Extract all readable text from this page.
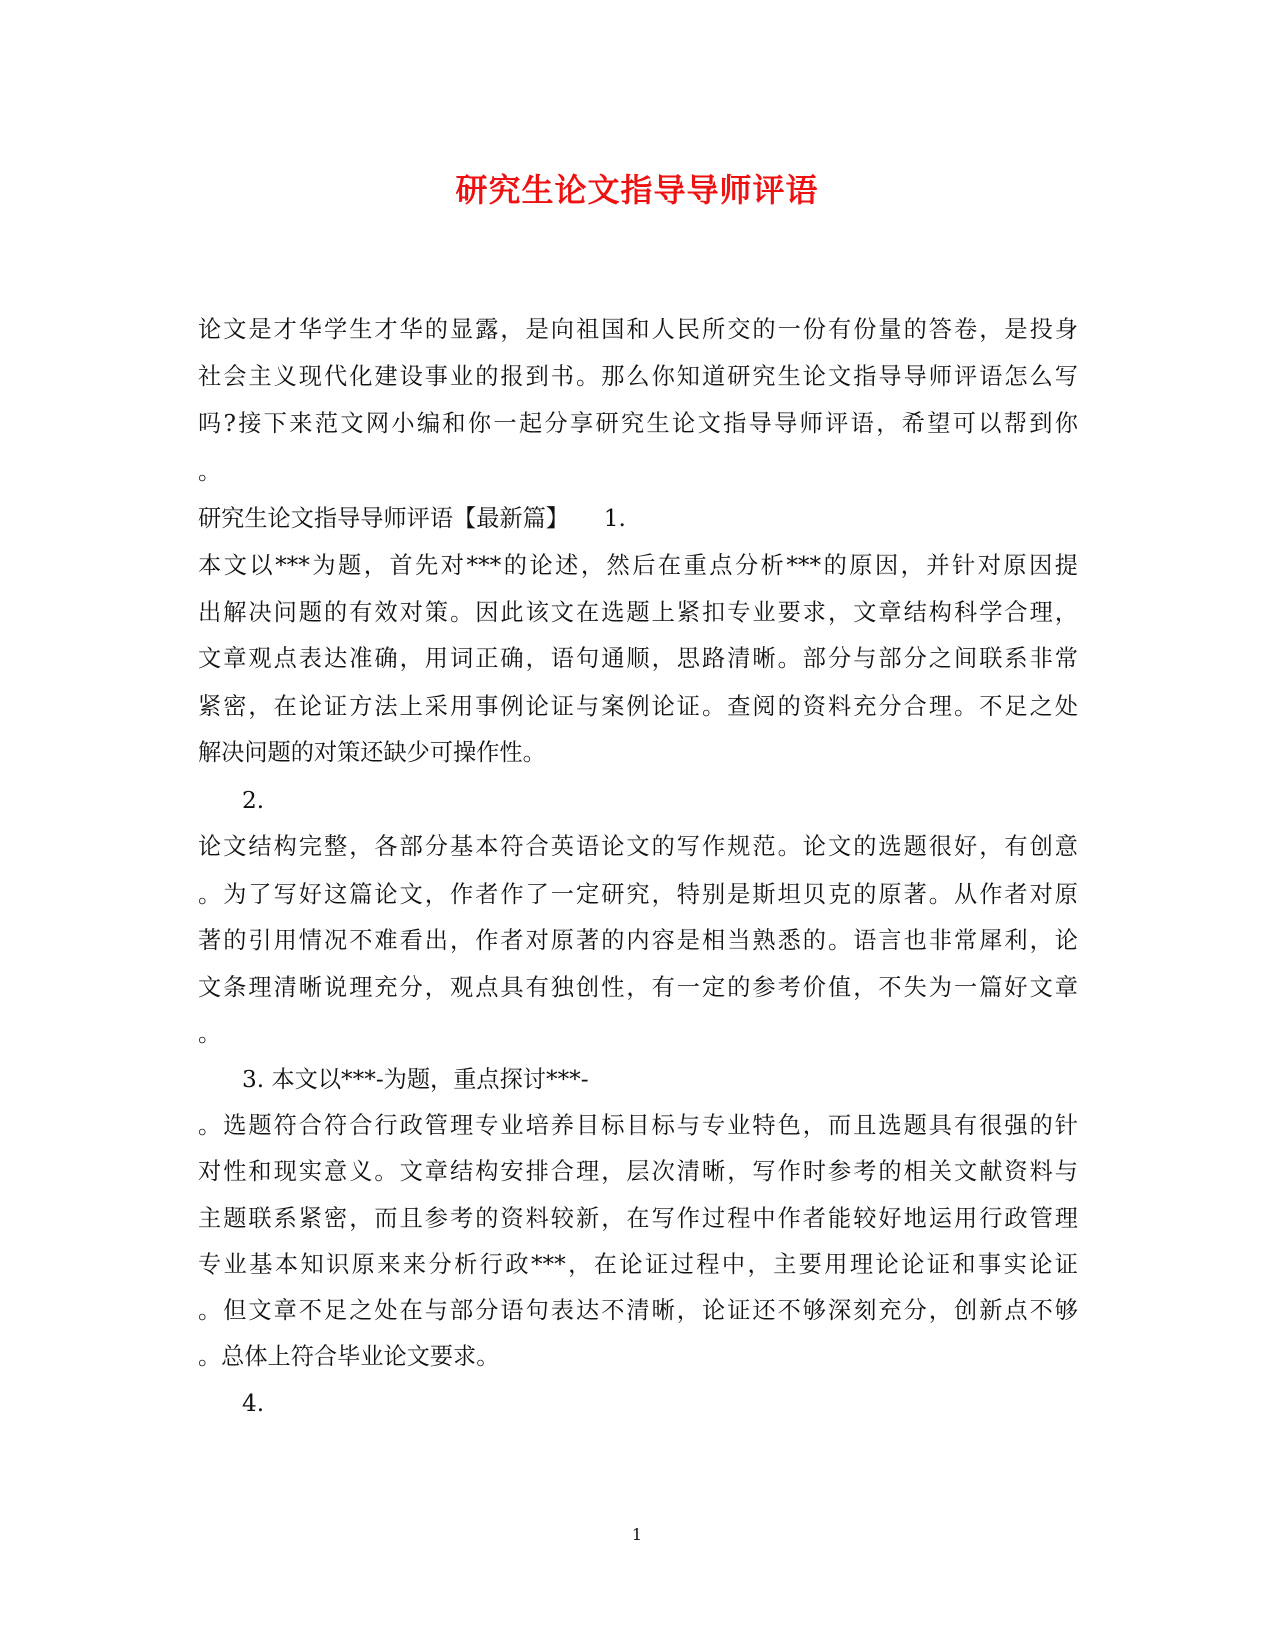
研究生论文指导导师评语
论文是才华学生才华的显露，是向祖国和人民所交的一份有份量的答卷，是投身
社会主义现代化建设事业的报到书。那么你知道研究生论文指导导师评语怎么写
吗?接下来范文网小编和你一起分享研究生论文指导导师评语，希望可以帮到你
。
研究生论文指导导师评语【最新篇】　　1.
本文以***为题，首先对***的论述，然后在重点分析***的原因，并针对原因提
出解决问题的有效对策。因此该文在选题上紧扣专业要求，文章结构科学合理，
文章观点表达准确，用词正确，语句通顺，思路清晰。部分与部分之间联系非常
紧密，在论证方法上采用事例论证与案例论证。查阅的资料充分合理。不足之处
解决问题的对策还缺少可操作性。
2.
论文结构完整，各部分基本符合英语论文的写作规范。论文的选题很好，有创意
。为了写好这篇论文，作者作了一定研究，特别是斯坦贝克的原著。从作者对原
著的引用情况不难看出，作者对原著的内容是相当熟悉的。语言也非常犀利，论
文条理清晰说理充分，观点具有独创性，有一定的参考价值，不失为一篇好文章
。
3. 本文以***-为题，重点探讨***-
。选题符合符合行政管理专业培养目标目标与专业特色，而且选题具有很强的针
对性和现实意义。文章结构安排合理，层次清晰，写作时参考的相关文献资料与
主题联系紧密，而且参考的资料较新，在写作过程中作者能较好地运用行政管理
专业基本知识原来来分析行政***，在论证过程中，主要用理论论证和事实论证
。但文章不足之处在与部分语句表达不清晰，论证还不够深刻充分，创新点不够
。总体上符合毕业论文要求。
4.
1
